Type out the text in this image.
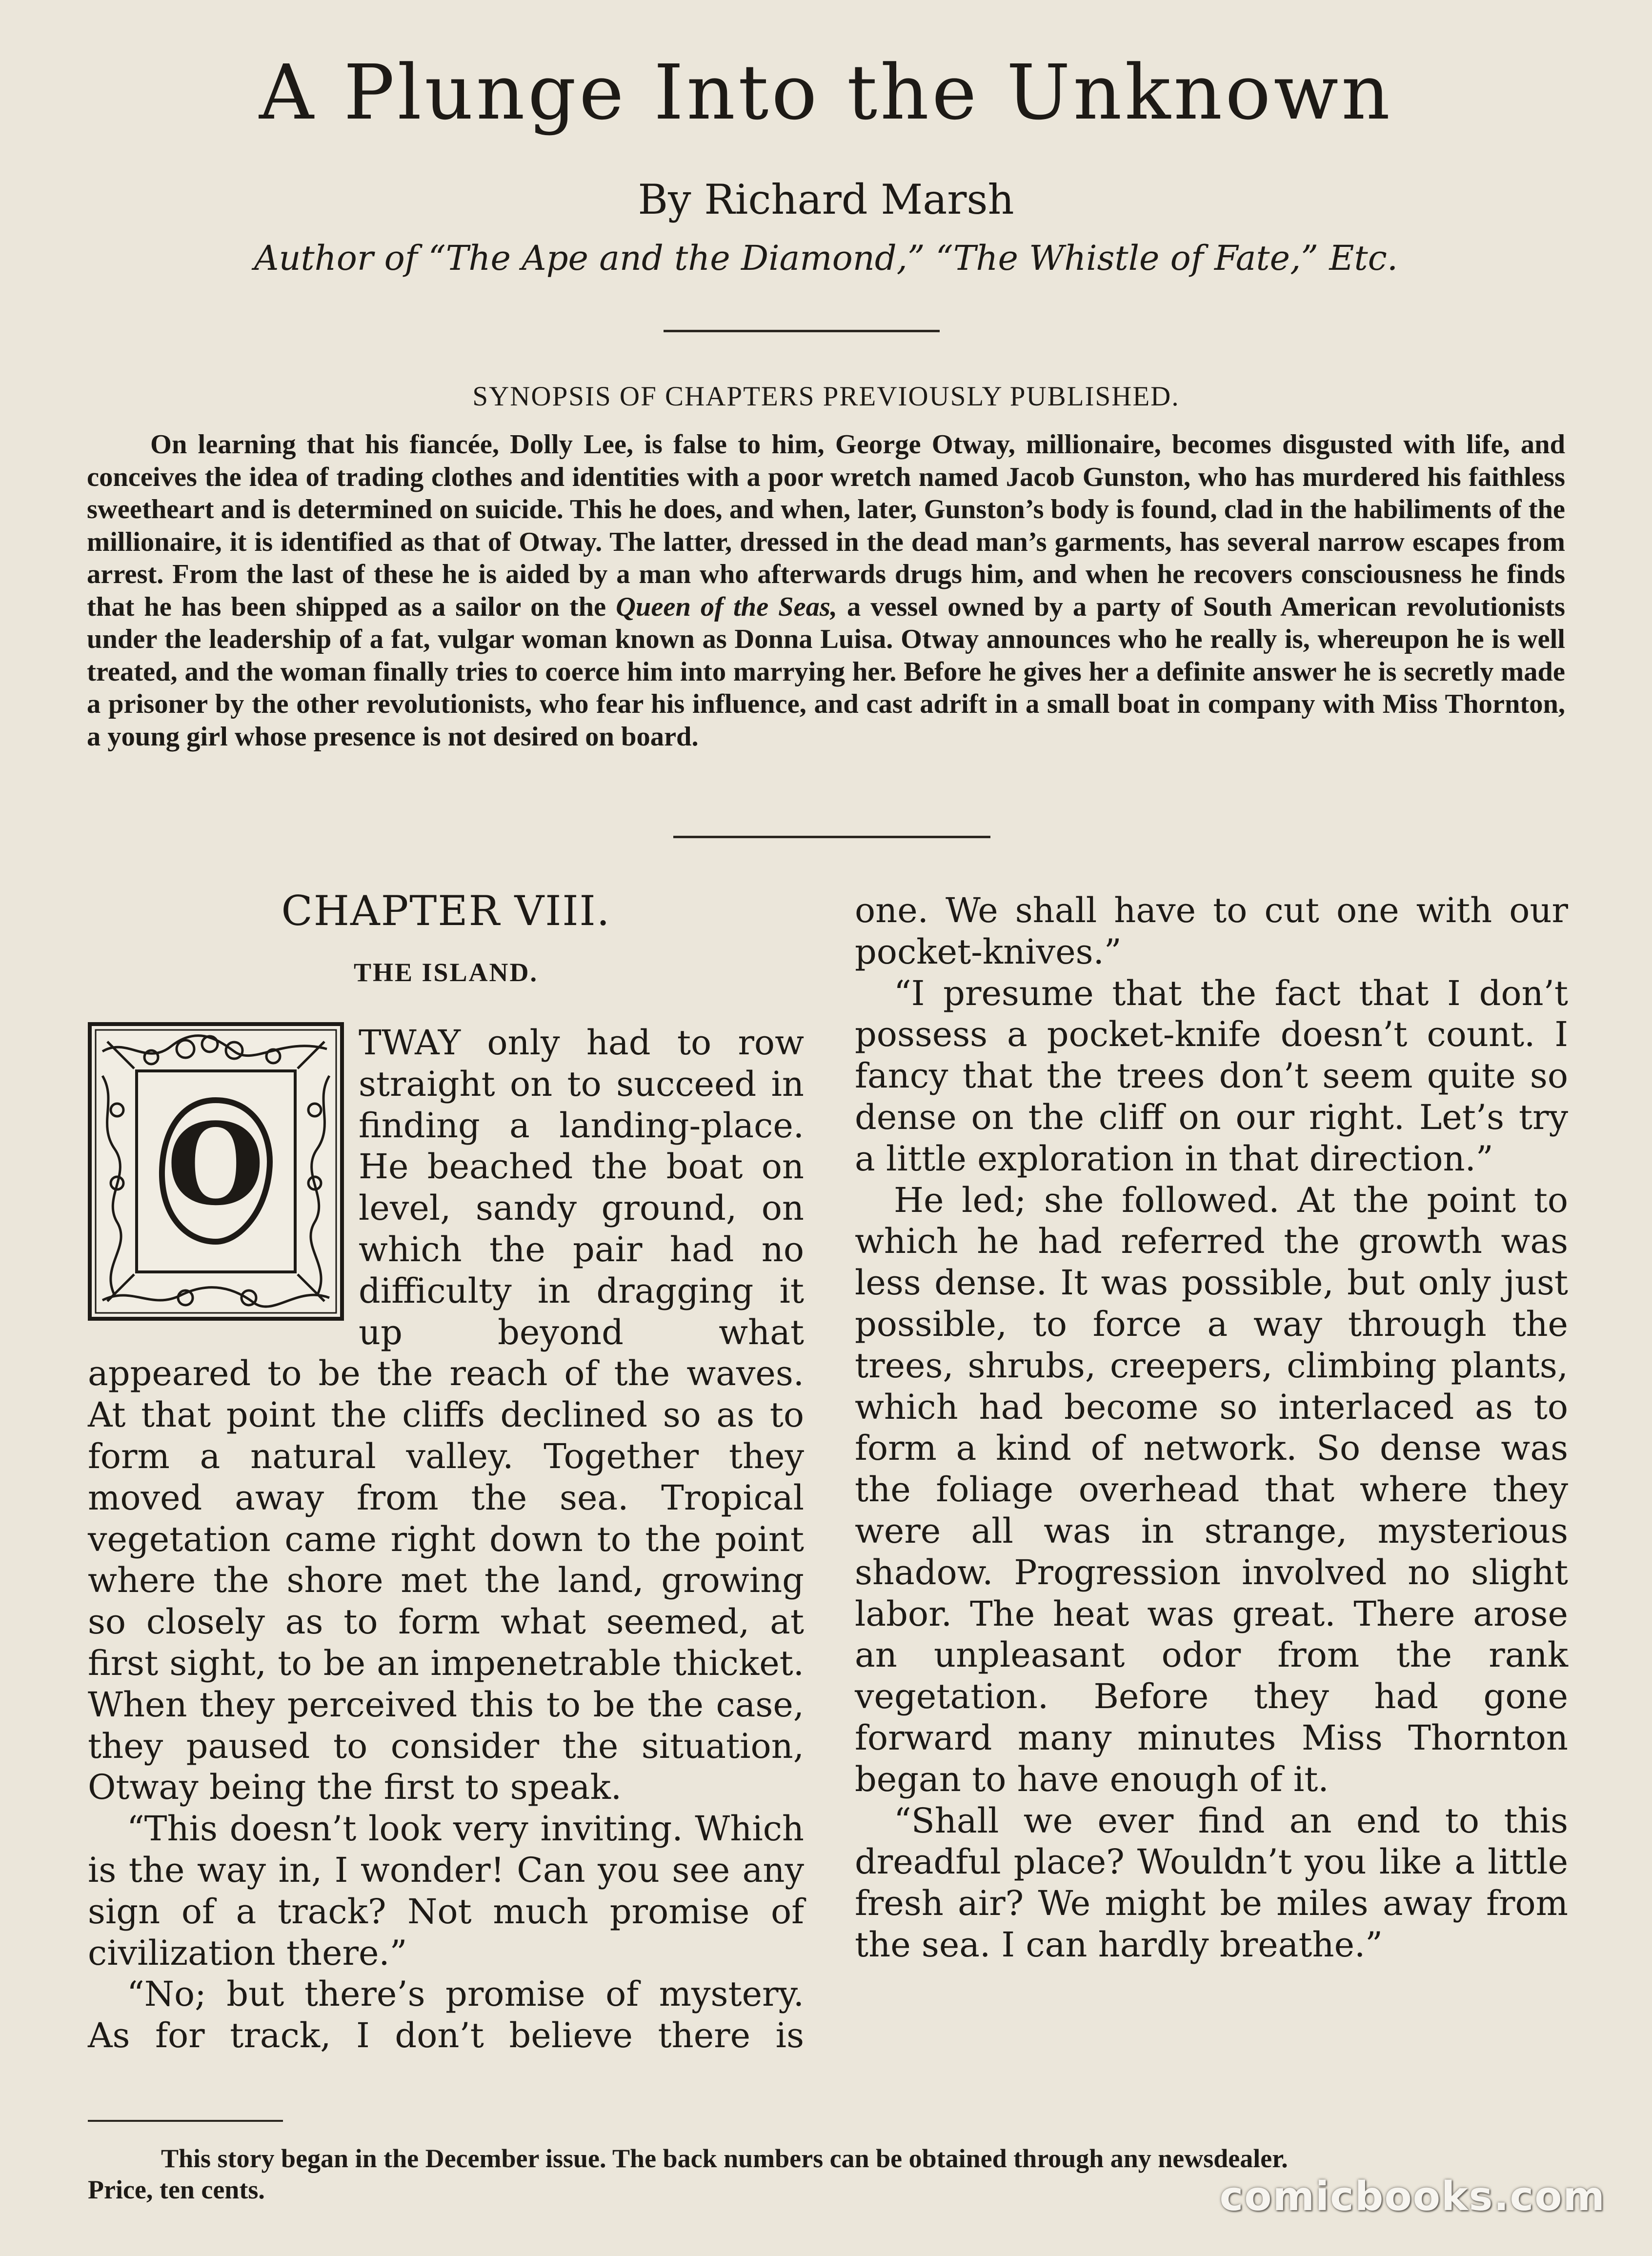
A Plunge Into the Unknown

By Richard Marsh

Author of “The Ape and the Diamond,” “The Whistle of Fate,” Etc.

SYNOPSIS OF CHAPTERS PREVIOUSLY PUBLISHED.

On learning that his fiancée, Dolly Lee, is false to him, George Otway, millionaire, becomes disgusted with life, and conceives the idea of trading clothes and identities with a poor wretch named Jacob Gunston, who has murdered his faithless sweetheart and is determined on suicide. This he does, and when, later, Gunston’s body is found, clad in the habiliments of the millionaire, it is identified as that of Otway. The latter, dressed in the dead man’s garments, has several narrow escapes from arrest. From the last of these he is aided by a man who afterwards drugs him, and when he recovers consciousness he finds that he has been shipped as a sailor on the Queen of the Seas, a vessel owned by a party of South American revolutionists under the leadership of a fat, vulgar woman known as Donna Luisa. Otway announces who he really is, whereupon he is well treated, and the woman finally tries to coerce him into marrying her. Before he gives her a definite answer he is secretly made a prisoner by the other revolutionists, who fear his influence, and cast adrift in a small boat in company with Miss Thornton, a young girl whose presence is not desired on board.

CHAPTER VIII.

THE ISLAND.

O

TWAY only had to row straight on to succeed in finding a landing-place. He beached the boat on level, sandy ground, on which the pair had no difficulty in dragging it up beyond what appeared to be the reach of the waves. At that point the cliffs declined so as to form a natural valley. Together they moved away from the sea. Tropical vegetation came right down to the point where the shore met the land, growing so closely as to form what seemed, at first sight, to be an impenetrable thicket. When they perceived this to be the case, they paused to consider the situation, Otway being the first to speak.

“This doesn’t look very inviting. Which is the way in, I wonder! Can you see any sign of a track? Not much promise of civilization there.”

“No; but there’s promise of mystery. As for track, I don’t believe there is

one. We shall have to cut one with our pocket-knives.”

“I presume that the fact that I don’t possess a pocket-knife doesn’t count. I fancy that the trees don’t seem quite so dense on the cliff on our right. Let’s try a little exploration in that direction.”

He led; she followed. At the point to which he had referred the growth was less dense. It was possible, but only just possible, to force a way through the trees, shrubs, creepers, climbing plants, which had become so interlaced as to form a kind of network. So dense was the foliage overhead that where they were all was in strange, mysterious shadow. Progression involved no slight labor. The heat was great. There arose an unpleasant odor from the rank vegetation. Before they had gone forward many minutes Miss Thornton began to have enough of it.

“Shall we ever find an end to this dreadful place? Wouldn’t you like a little fresh air? We might be miles away from the sea. I can hardly breathe.”

This story began in the December issue. The back numbers can be obtained through any newsdealer.
Price, ten cents.	comicbooks.com
